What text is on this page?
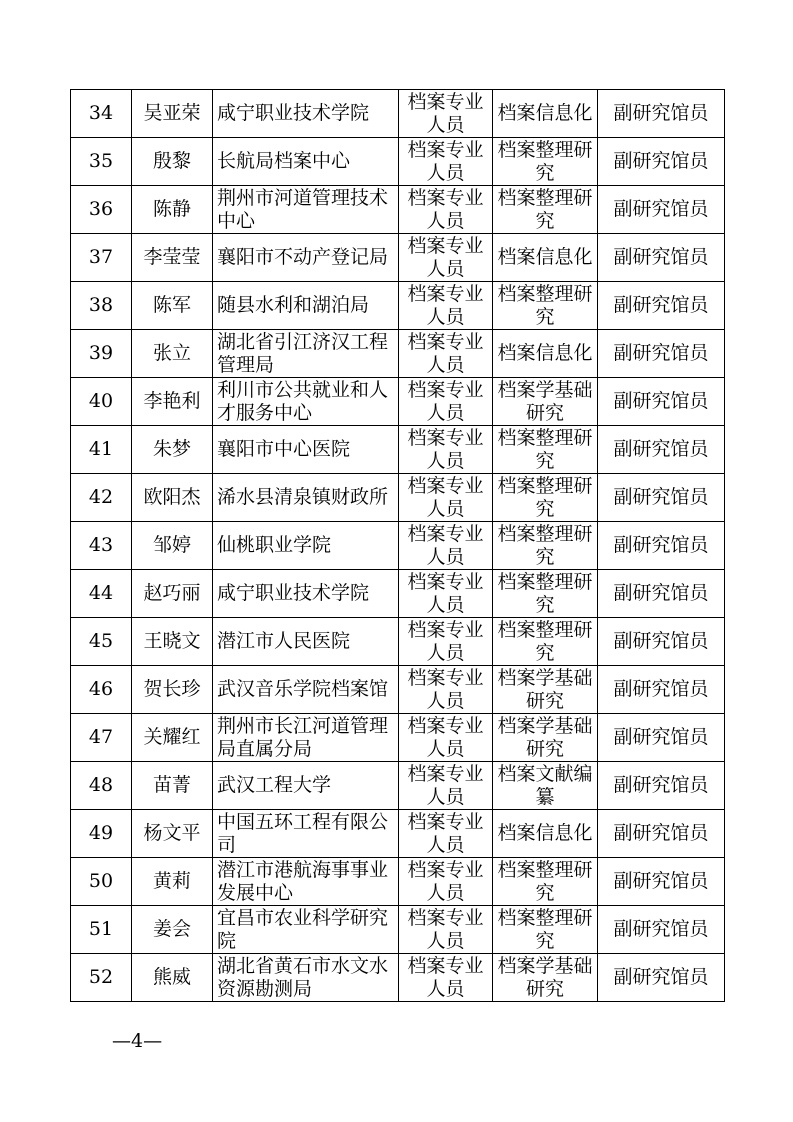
34	吴亚荣	咸宁职业技术学院	档案专业人员	档案信息化	副研究馆员
35	殷黎	长航局档案中心	档案专业人员	档案整理研究	副研究馆员
36	陈静	荆州市河道管理技术中心	档案专业人员	档案整理研究	副研究馆员
37	李莹莹	襄阳市不动产登记局	档案专业人员	档案信息化	副研究馆员
38	陈军	随县水利和湖泊局	档案专业人员	档案整理研究	副研究馆员
39	张立	湖北省引江济汉工程管理局	档案专业人员	档案信息化	副研究馆员
40	李艳利	利川市公共就业和人才服务中心	档案专业人员	档案学基础研究	副研究馆员
41	朱梦	襄阳市中心医院	档案专业人员	档案整理研究	副研究馆员
42	欧阳杰	浠水县清泉镇财政所	档案专业人员	档案整理研究	副研究馆员
43	邹婷	仙桃职业学院	档案专业人员	档案整理研究	副研究馆员
44	赵巧丽	咸宁职业技术学院	档案专业人员	档案整理研究	副研究馆员
45	王晓文	潜江市人民医院	档案专业人员	档案整理研究	副研究馆员
46	贺长珍	武汉音乐学院档案馆	档案专业人员	档案学基础研究	副研究馆员
47	关耀红	荆州市长江河道管理局直属分局	档案专业人员	档案学基础研究	副研究馆员
48	苗菁	武汉工程大学	档案专业人员	档案文献编纂	副研究馆员
49	杨文平	中国五环工程有限公司	档案专业人员	档案信息化	副研究馆员
50	黄莉	潜江市港航海事事业发展中心	档案专业人员	档案整理研究	副研究馆员
51	姜会	宜昌市农业科学研究院	档案专业人员	档案整理研究	副研究馆员
52	熊威	湖北省黄石市水文水资源勘测局	档案专业人员	档案学基础研究	副研究馆员
—4—
